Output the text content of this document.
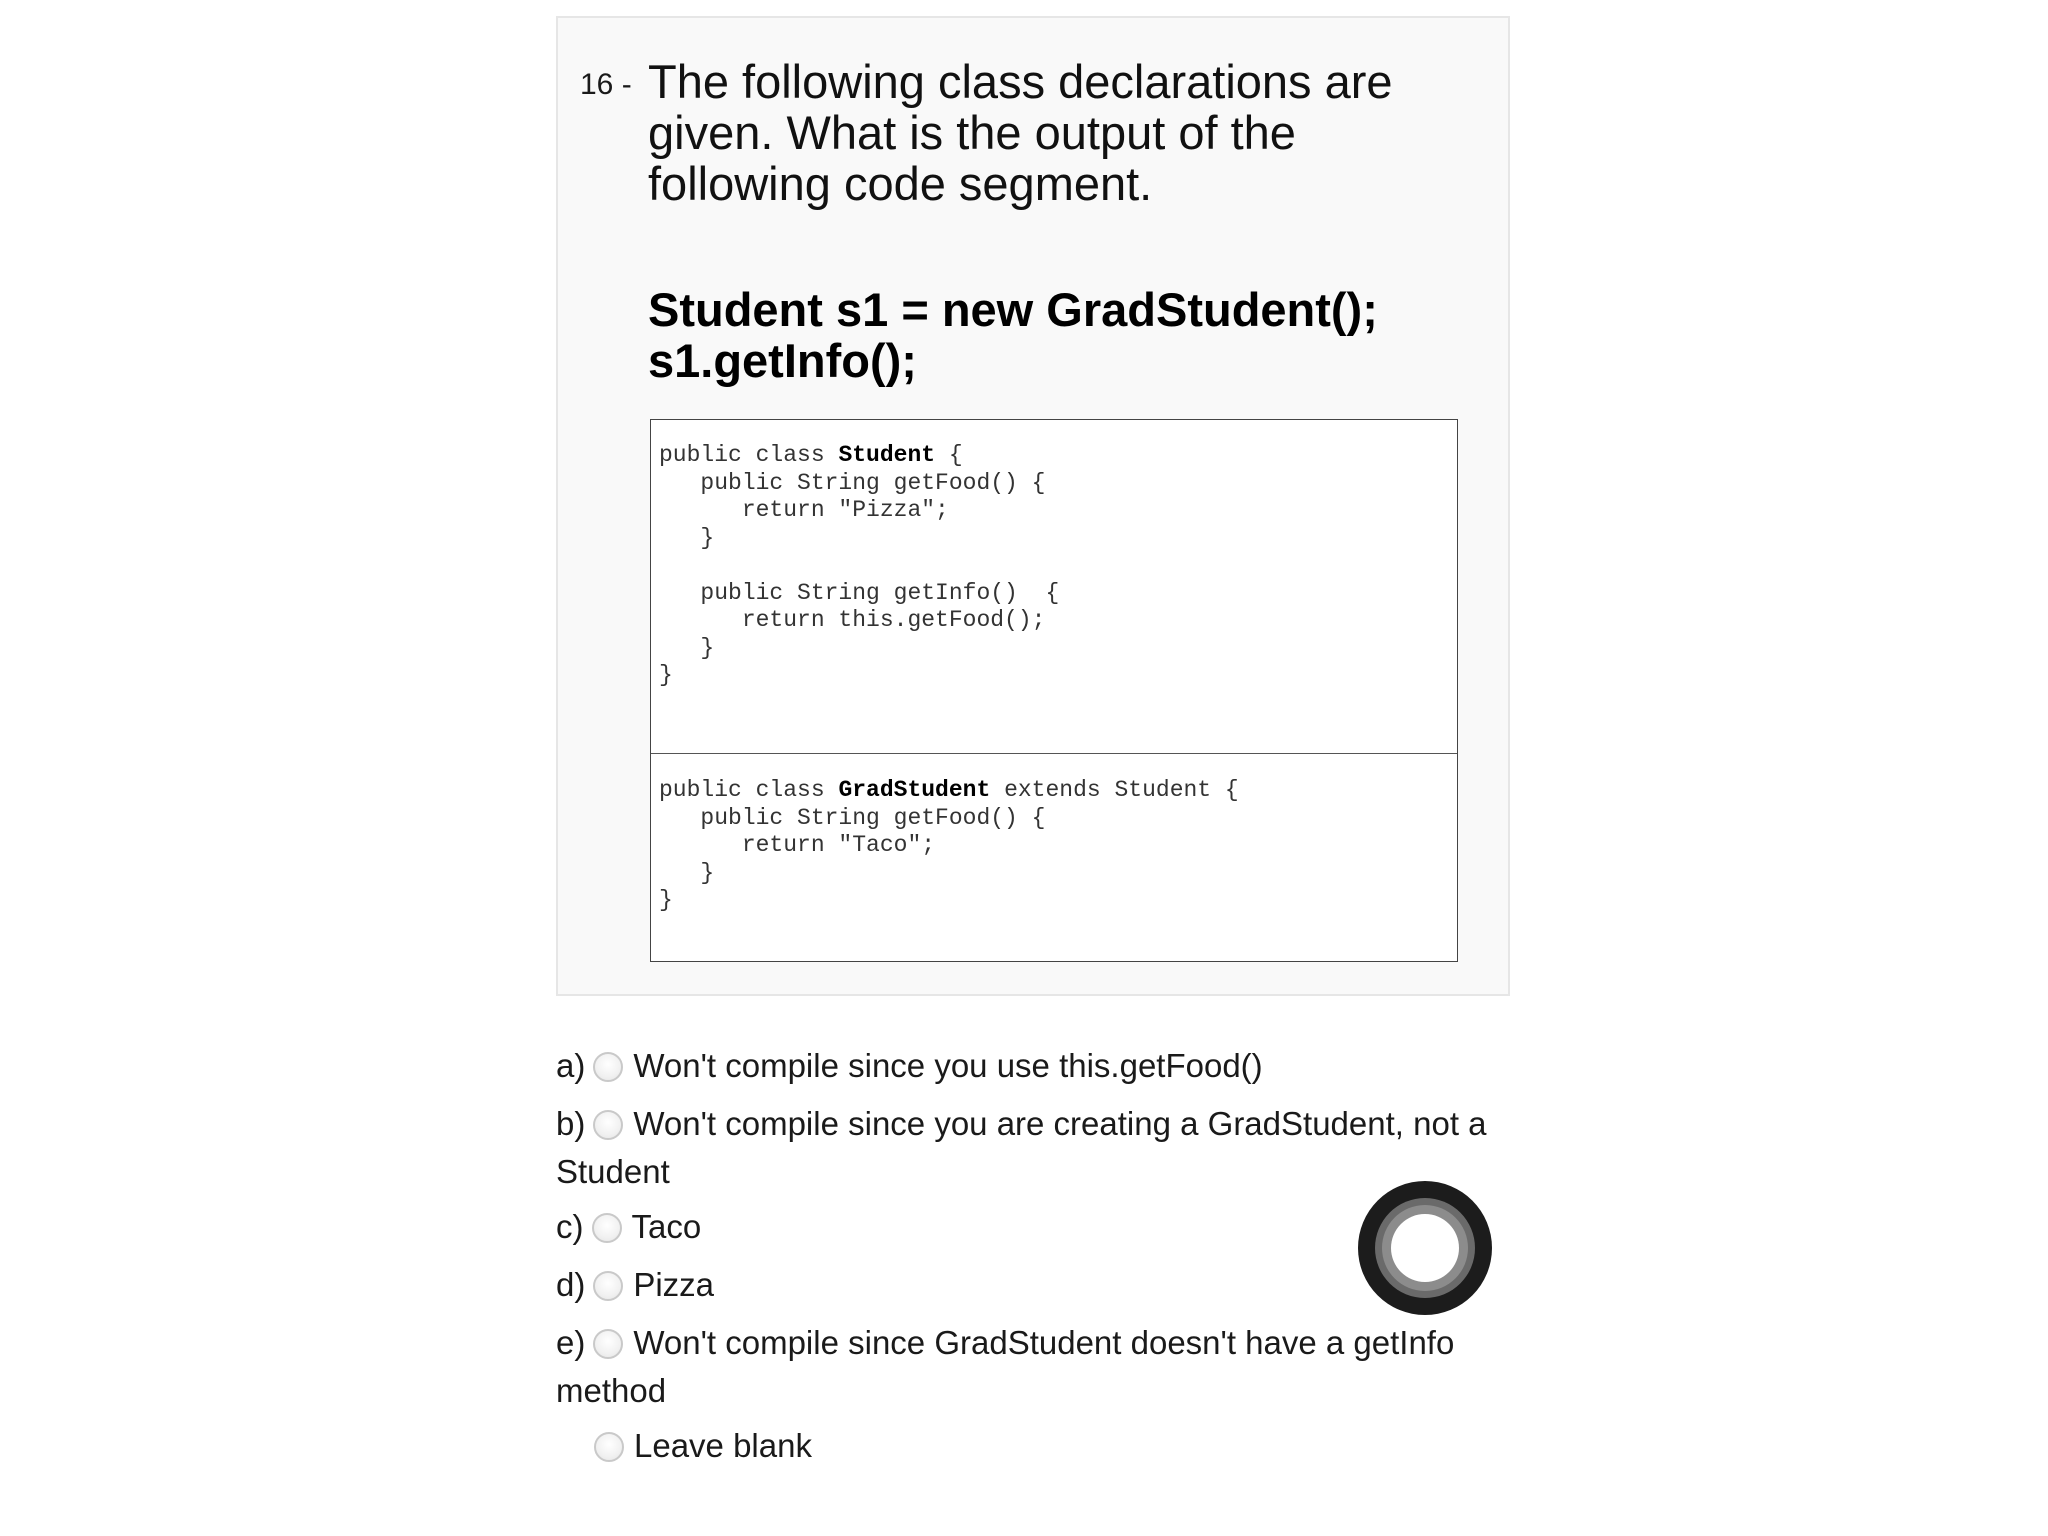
16 - The following class declarations are given. What is the output of the following code segment.
Student s1 = new GradStudent();
s1.getInfo();
public class Student {
public String getFood() {
return "Pizza";
}

public String getInfo()  {
return this.getFood();
}
}
public class GradStudent extends Student {
public String getFood() {
return "Taco";
}
}
a) Won't compile since you use this.getFood()
b) Won't compile since you are creating a GradStudent, not a Student
c) Taco
d) Pizza
e) Won't compile since GradStudent doesn't have a getInfo method
Leave blank
